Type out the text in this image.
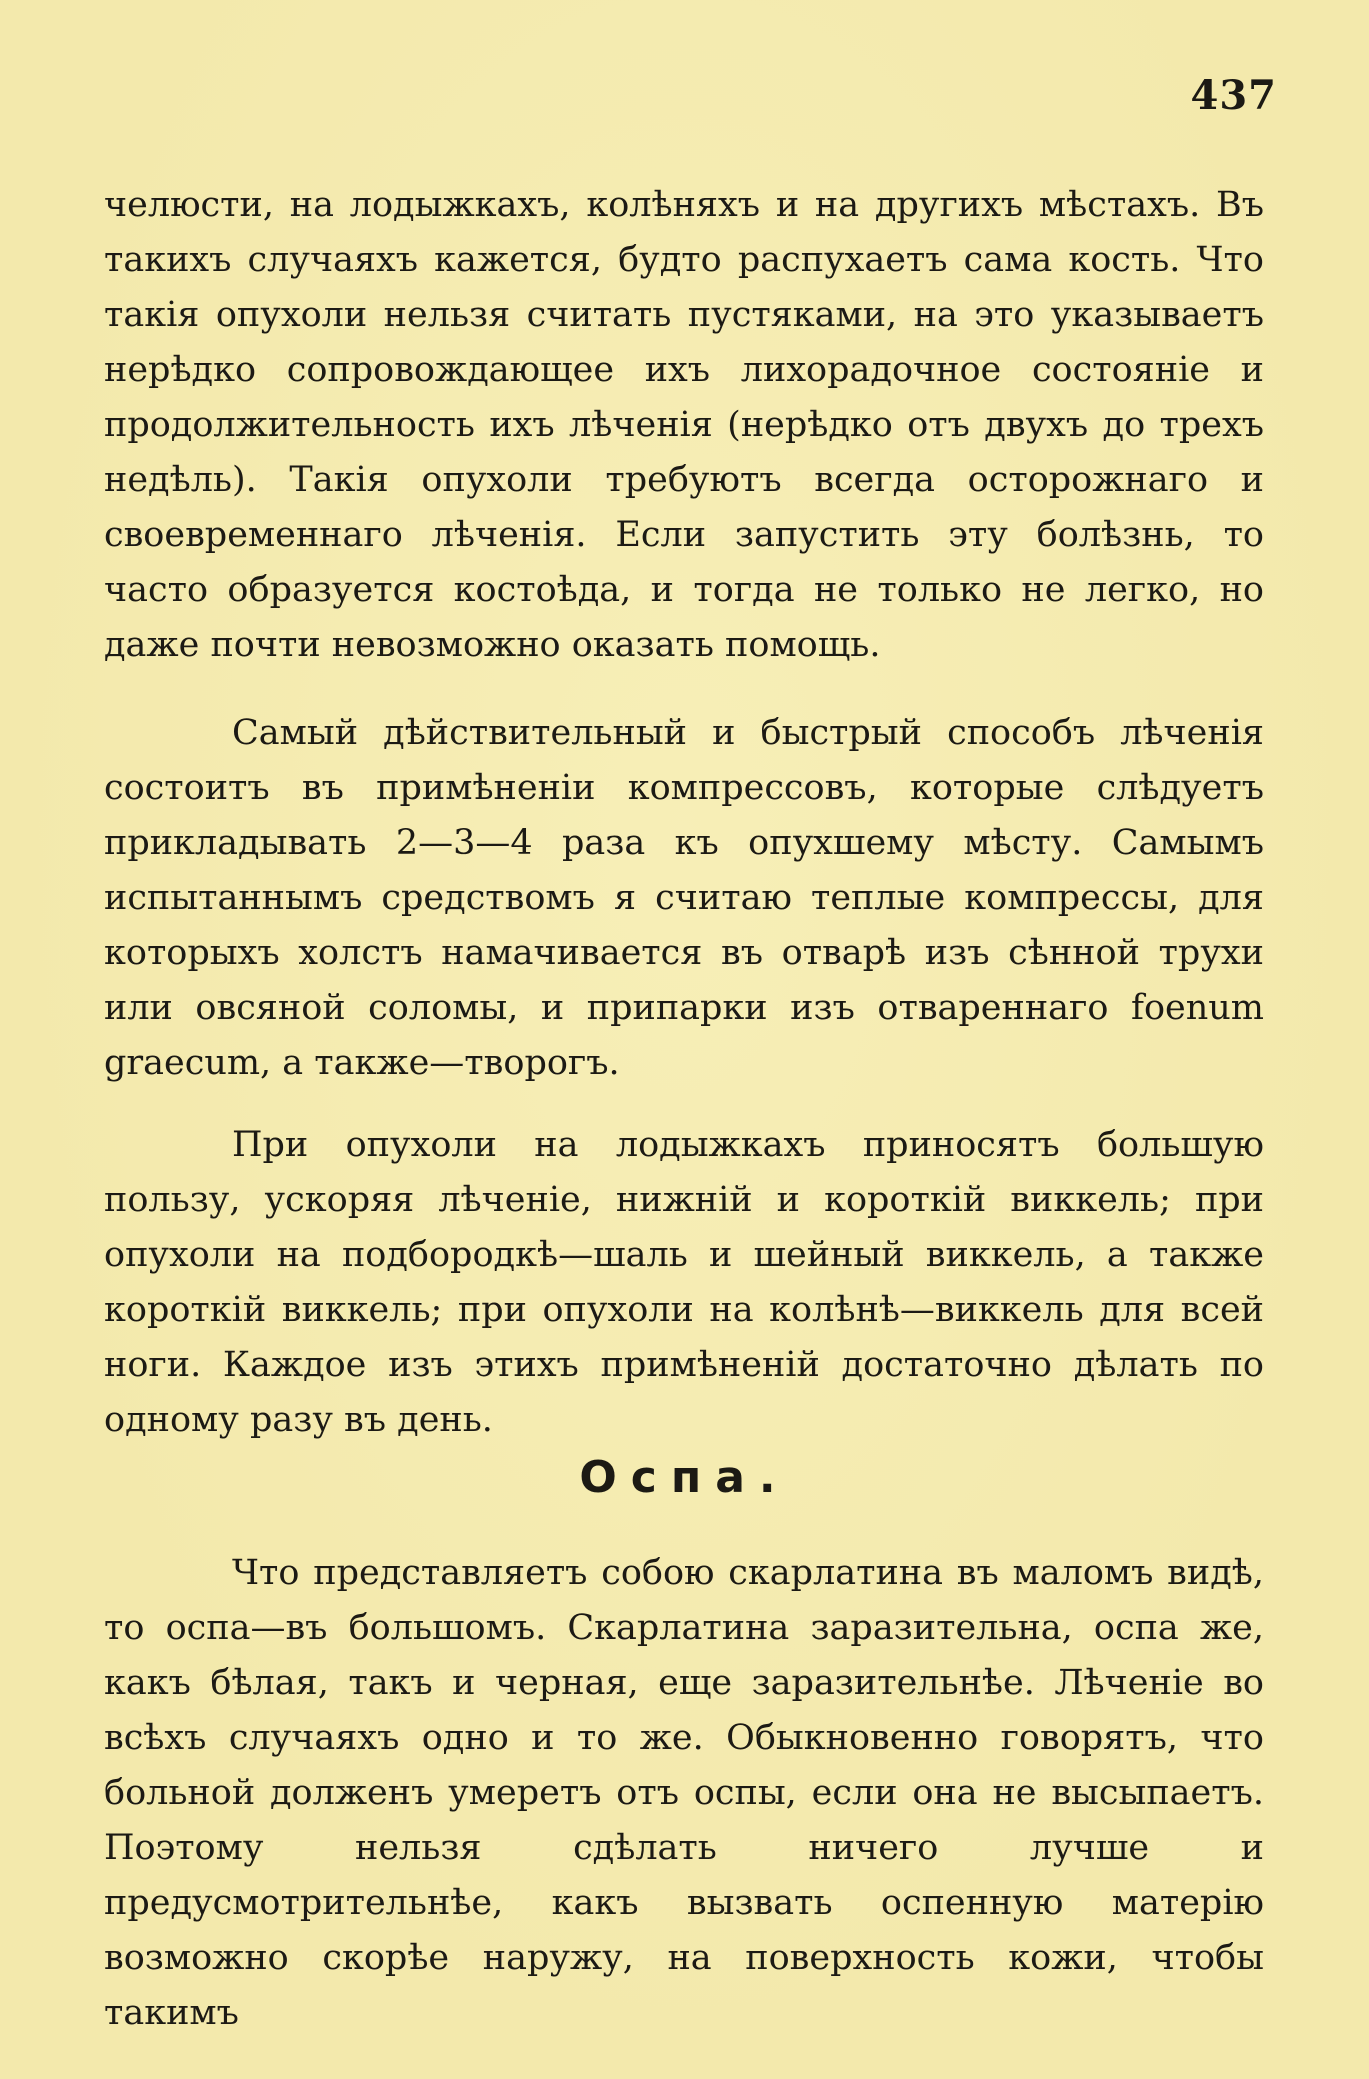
437
челюсти, на лодыжкахъ, колѣняхъ и на другихъ мѣстахъ. Въ такихъ случаяхъ кажется, будто распухаетъ сама кость. Что такія опухоли нельзя считать пустяками, на это указываетъ нерѣдко сопровождающее ихъ лихорадочное состояніе и продолжительность ихъ лѣченія (нерѣдко отъ двухъ до трехъ недѣль). Такія опухоли требуютъ всегда осторожнаго и своевременнаго лѣченія. Если запустить эту болѣзнь, то часто образуется костоѣда, и тогда не только не легко, но даже почти невозможно оказать помощь.
Самый дѣйствительный и быстрый способъ лѣченія состоитъ въ примѣненіи компрессовъ, которые слѣдуетъ прикладывать 2—3—4 раза къ опухшему мѣсту. Самымъ испытаннымъ средствомъ я считаю теплые компрессы, для которыхъ холстъ намачивается въ отварѣ изъ сѣнной трухи или овсяной соломы, и припарки изъ отвареннаго foenum graecum, а также—творогъ.
При опухоли на лодыжкахъ приносятъ большую пользу, ускоряя лѣченіе, нижній и короткій виккель; при опухоли на подбородкѣ—шаль и шейный виккель, а также короткій виккель; при опухоли на колѣнѣ—виккель для всей ноги. Каждое изъ этихъ примѣненій достаточно дѣлать по одному разу въ день.
Оспа.
Что представляетъ собою скарлатина въ маломъ видѣ, то оспа—въ большомъ. Скарлатина заразительна, оспа же, какъ бѣлая, такъ и черная, еще заразительнѣе. Лѣченіе во всѣхъ случаяхъ одно и то же. Обыкновенно говорятъ, что больной долженъ умеретъ отъ оспы, если она не высыпаетъ. Поэтому нельзя сдѣлать ничего лучше и предусмотрительнѣе, какъ вызвать оспенную матерію возможно скорѣе наружу, на поверхность кожи, чтобы такимъ
